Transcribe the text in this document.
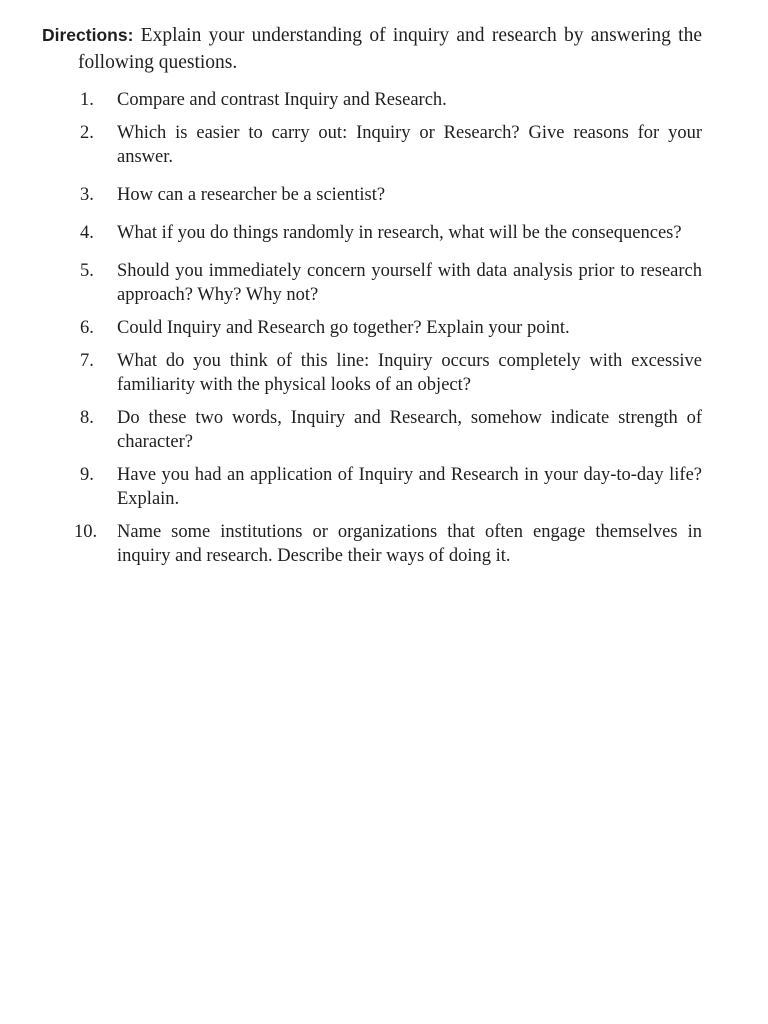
Directions: Explain your understanding of inquiry and research by answering the following questions.
1.	Compare and contrast Inquiry and Research.
2.	Which is easier to carry out: Inquiry or Research? Give reasons for your answer.
3.	How can a researcher be a scientist?
4.	What if you do things randomly in research, what will be the consequences?
5.	Should you immediately concern yourself with data analysis prior to research approach? Why? Why not?
6.	Could Inquiry and Research go together? Explain your point.
7.	What do you think of this line: Inquiry occurs completely with excessive familiarity with the physical looks of an object?
8.	Do these two words, Inquiry and Research, somehow indicate strength of character?
9.	Have you had an application of Inquiry and Research in your day-to-day life? Explain.
10.	Name some institutions or organizations that often engage themselves in inquiry and research. Describe their ways of doing it.
